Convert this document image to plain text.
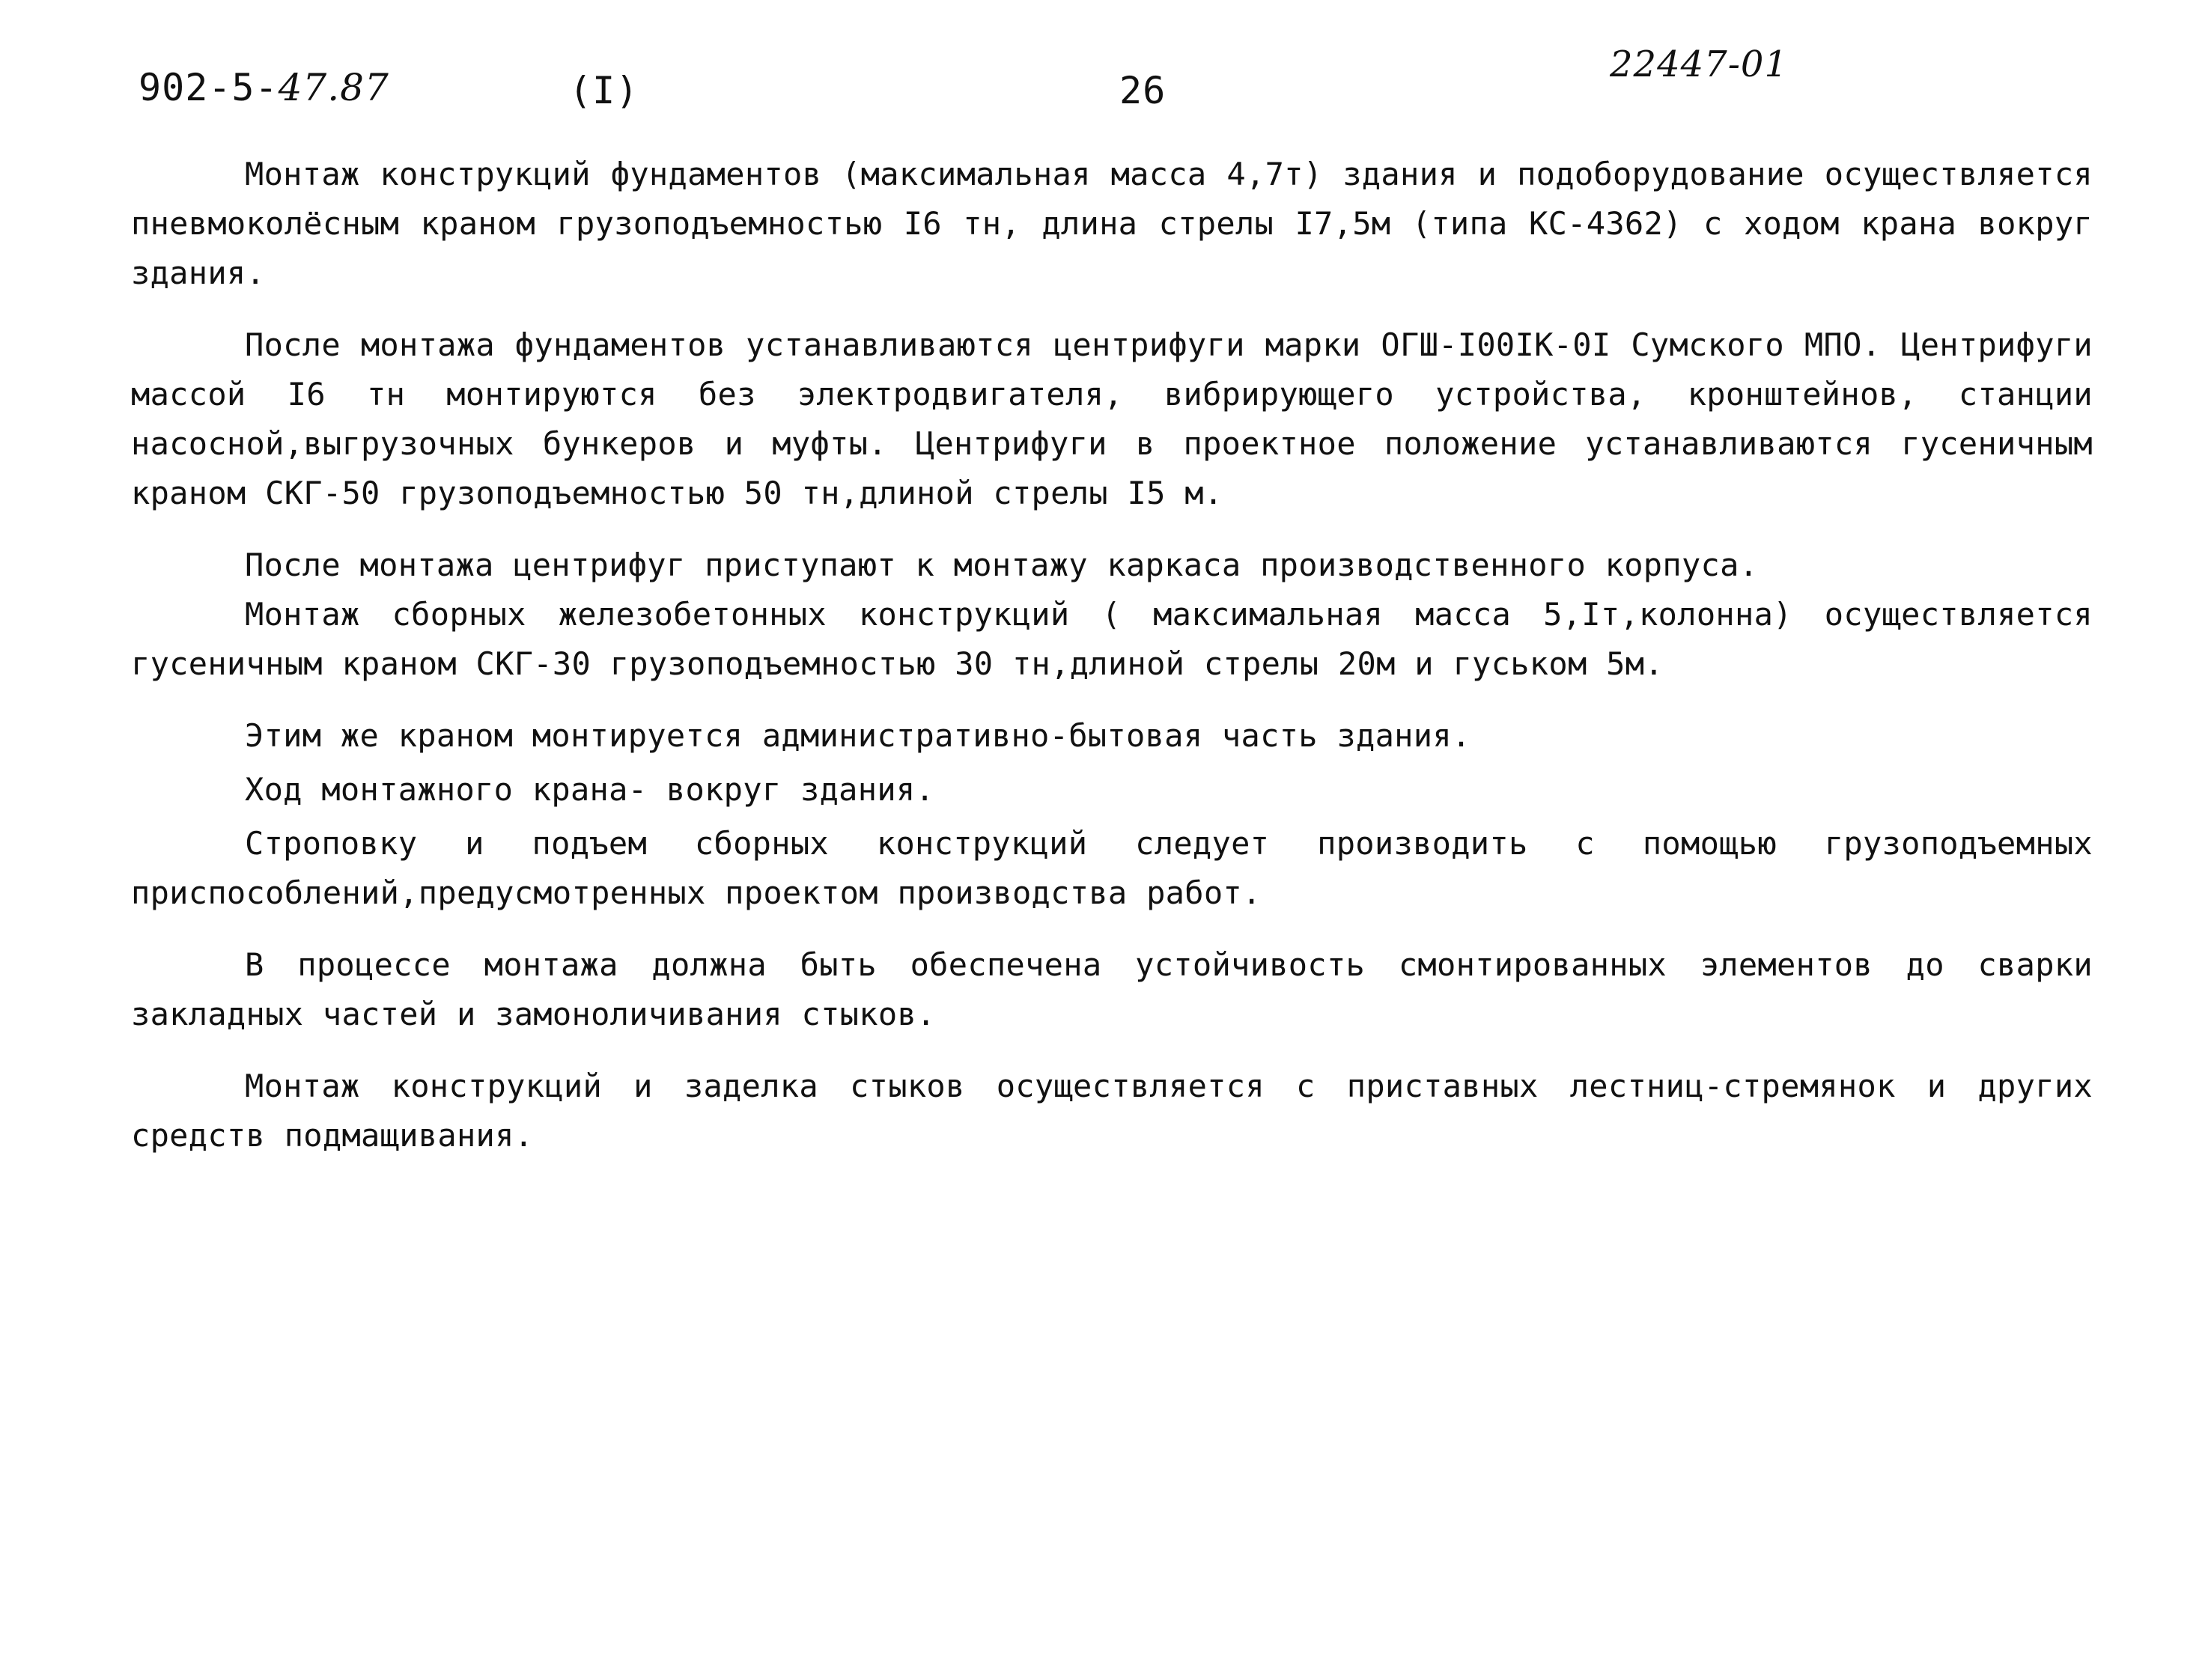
902-5-47.87	(I)	26
22447-01

Монтаж конструкций фундаментов (максимальная масса 4,7т) здания и подоборудование осуществляется пневмоколёсным краном грузоподъемностью I6 тн, длина стрелы I7,5м (типа КС-4362) с ходом крана вокруг здания.

После монтажа фундаментов устанавливаются центрифуги марки ОГШ-I00IК-0I Сумского МПО. Центрифуги массой I6 тн монтируются без электродвигателя, вибрирующего устройства, кронштейнов, станции насосной,выгрузочных бункеров и муфты. Центрифуги в проектное положение устанавливаются гусеничным краном СКГ-50 грузоподъемностью 50 тн,длиной стрелы I5 м.

После монтажа центрифуг приступают к монтажу каркаса производственного корпуса.

Монтаж сборных железобетонных конструкций ( максимальная масса 5,Iт,колонна) осуществляется гусеничным краном СКГ-30 грузоподъемностью 30 тн,длиной стрелы 20м и гуськом 5м.

Этим же краном монтируется административно-бытовая часть здания.

Ход монтажного крана- вокруг здания.

Строповку и подъем сборных конструкций следует производить с помощью грузоподъемных приспособлений,предусмотренных проектом производства работ.

В процессе монтажа должна быть обеспечена устойчивость смонтированных элементов до сварки закладных частей и замоноличивания стыков.

Монтаж конструкций и заделка стыков осуществляется с приставных лестниц-стремянок и других средств подмащивания.
